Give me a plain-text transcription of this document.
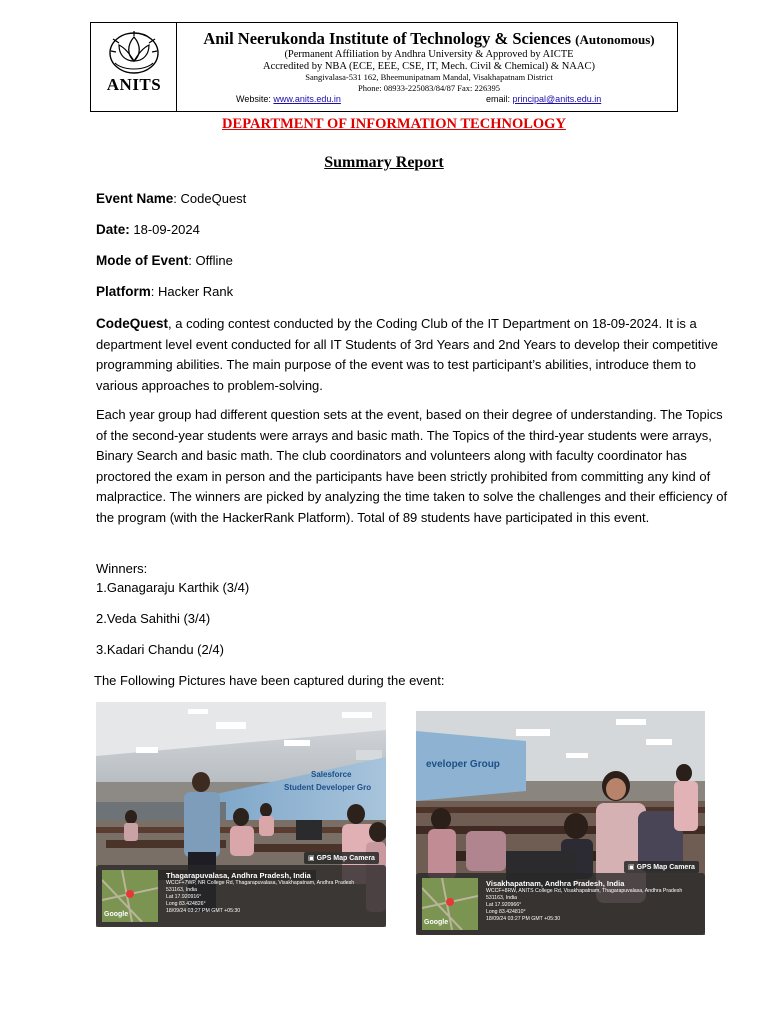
ANITS
Anil Neerukonda Institute of Technology & Sciences (Autonomous)
(Permanent Affiliation by Andhra University & Approved by AICTE
Accredited by NBA (ECE, EEE, CSE, IT, Mech. Civil & Chemical) & NAAC)
Sangivalasa-531 162, Bheemunipatnam Mandal, Visakhapatnam District
Phone: 08933-225083/84/87 Fax: 226395
Website: www.anits.edu.in	email: principal@anits.edu.in
DEPARTMENT OF INFORMATION TECHNOLOGY
Summary Report
Event Name: CodeQuest
Date: 18-09-2024
Mode of Event: Offline
Platform: Hacker Rank
CodeQuest, a coding contest conducted by the Coding Club of the IT Department on 18-09-2024. It is a department level event conducted for all IT Students of 3rd Years and 2nd Years to develop their competitive programming abilities. The main purpose of the event was to test participant’s abilities, introduce them to various approaches to problem-solving.
Each year group had different question sets at the event, based on their degree of understanding. The Topics of the second-year students were arrays and basic math. The Topics of the third-year students were arrays, Binary Search and basic math. The club coordinators and volunteers along with faculty coordinator has proctored the exam in person and the participants have been strictly prohibited from committing any kind of malpractice. The winners are picked by analyzing the time taken to solve the challenges and their efficiency of the program (with the HackerRank Platform). Total of 89 students have participated in this event.
Winners:
1.Ganagaraju Karthik (3/4)
2.Veda Sahithi (3/4)
3.Kadari Chandu (2/4)
The Following Pictures have been captured during the event:
Salesforce
Student Developer Gro
▣ GPS Map Camera
Google
Thagarapuvalasa, Andhra Pradesh, India
WCCF+7WP, NR College Rd, Thagarapuvalasa, Visakhapatnam, Andhra Pradesh
531163, India
Lat 17.920916°
Long 83.424826°
18/09/24 03:27 PM GMT +05:30
eveloper Group
▣ GPS Map Camera
Google
Visakhapatnam, Andhra Pradesh, India
WCCF+8RW, ANITS College Rd, Visakhapatnam, Thagarapuvalasa, Andhra Pradesh
531163, India
Lat 17.920966°
Long 83.424810°
18/09/24 03:27 PM GMT +05:30
